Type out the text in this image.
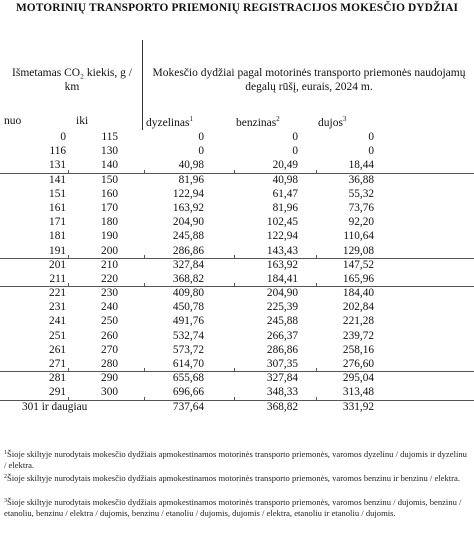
MOTORINIŲ TRANSPORTO PRIEMONIŲ REGISTRACIJOS MOKESČIO DYDŽIAI
Išmetamas CO₂ kiekis, g / km
Mokesčio dydžiai pagal motorinės transporto priemonės naudojamų degalų rūšį, eurais, 2024 m.
nuo	iki	dyzelinas$^1$	benzinas$^2$	dujos$^3$
0	115	0	0	0
116	130	0	0	0
131	140	40,98	20,49	18,44
141	150	81,96	40,98	36,88
151	160	122,94	61,47	55,32
161	170	163,92	81,96	73,76
171	180	204,90	102,45	92,20
181	190	245,88	122,94	110,64
191	200	286,86	143,43	129,08
201	210	327,84	163,92	147,52
211	220	368,82	184,41	165,96
221	230	409,80	204,90	184,40
231	240	450,78	225,39	202,84
241	250	491,76	245,88	221,28
251	260	532,74	266,37	239,72
261	270	573,72	286,86	258,16
271	280	614,70	307,35	276,60
281	290	655,68	327,84	295,04
291	300	696,66	348,33	313,48
301 ir daugiau	737,64	368,82	331,92
$^1$Šioje skiltyje nurodytais mokesčio dydžiais apmokestinamos motorinės transporto priemonės, varomos dyzelinu / dujomis ir dyzelinu / elektra.
$^2$Šioje skiltyje nurodytais mokesčio dydžiais apmokestinamos motorinės transporto priemonės, varomos benzinu ir benzinu / elektra.
$^3$Šioje skiltyje nurodytais mokesčio dydžiais apmokestinamos motorinės transporto priemonės, varomos benzinu / dujomis, benzinu / etanoliu, benzinu / elektra / dujomis, benzinu / etanoliu / dujomis, dujomis / elektra, etanoliu ir etanoliu / dujomis.
